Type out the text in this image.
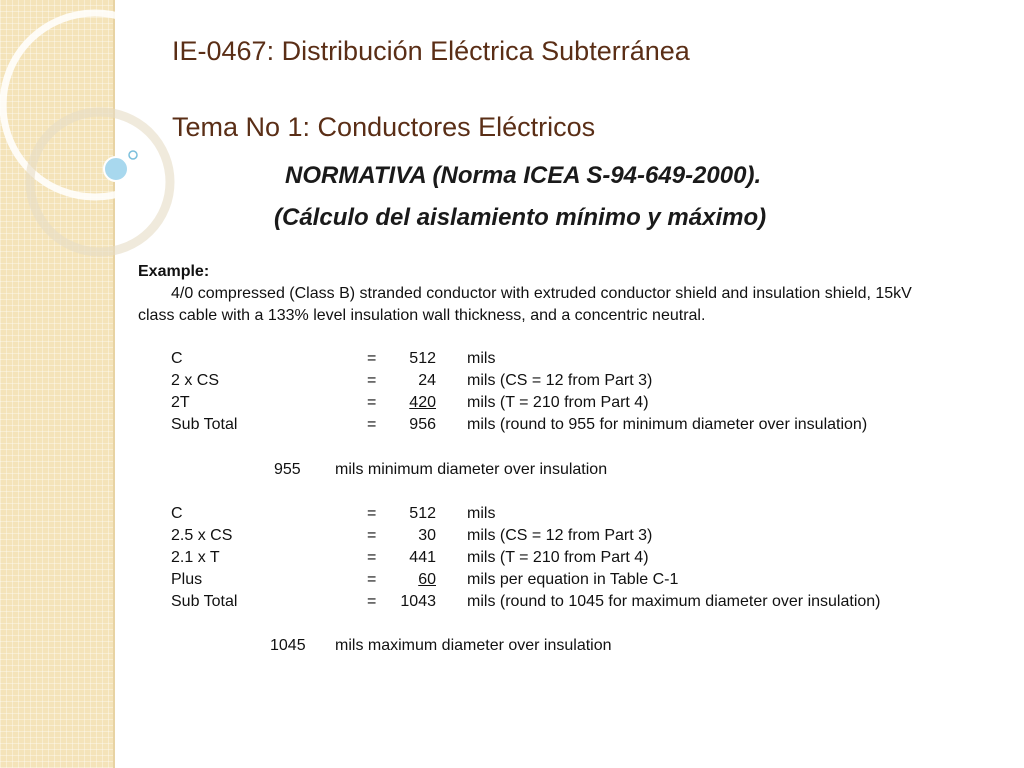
IE-0467: Distribución Eléctrica Subterránea
Tema No 1: Conductores Eléctricos
NORMATIVA (Norma ICEA S-94-649-2000).
(Cálculo del aislamiento mínimo y máximo)
Example:
4/0 compressed (Class B) stranded conductor with extruded conductor shield and insulation shield, 15kV
class cable with a 133% level insulation wall thickness, and a concentric neutral.
C	= 512 mils
2 x CS	=	24 mils (CS = 12 from Part 3)
2T	= 420 mils (T = 210 from Part 4)
Sub Total	= 956 mils (round to 955 for minimum diameter over insulation)
955 mils minimum diameter over insulation
C	= 512 mils
2.5 x CS	=	30 mils (CS = 12 from Part 3)
2.1 x T	= 441 mils (T = 210 from Part 4)
Plus	=	60 mils per equation in Table C-1
Sub Total	= 1043 mils (round to 1045 for maximum diameter over insulation)
1045 mils maximum diameter over insulation
